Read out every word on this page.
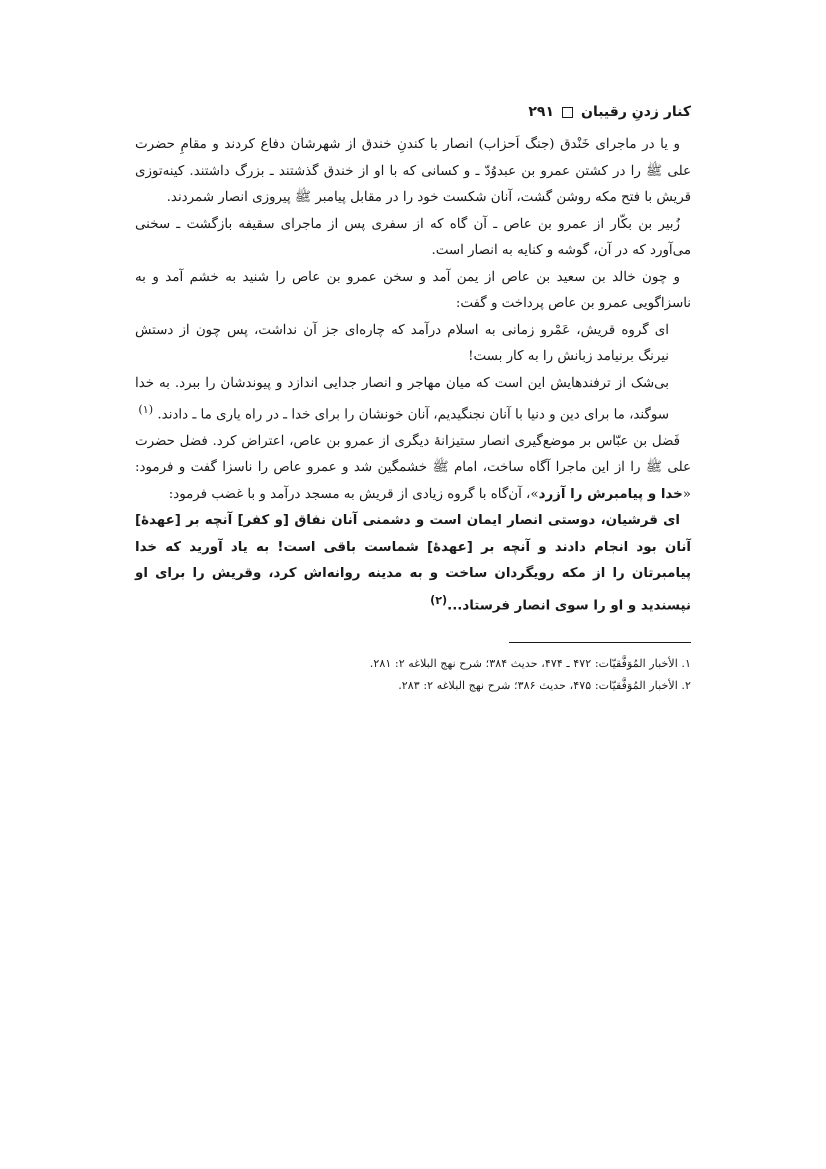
کنار زدنِ رقیبان
۲۹۱

و یا در ماجرای خَنْدق (جنگ اَحزاب) انصار با کندنِ خندق از شهرشان دفاع کردند و مقامِ حضرت علی ﷺ را در کشتن عمرو بن عبدوُدّ ـ و کسانی که با او از خندق گذشتند ـ بزرگ داشتند. کینه‌توزی قریش با فتح مکه روشن گشت، آنان شکست خود را در مقابل پیامبر ﷺ پیروزی انصار شمردند.

زُبیر بن بکّار از عمرو بن عاص ـ آن گاه که از سفری پس از ماجرای سقیفه بازگشت ـ سخنی می‌آورد که در آن، گوشه و کنایه به انصار است.

و چون خالد بن سعید بن عاص از یمن آمد و سخن عمرو بن عاص را شنید به خشم آمد و به ناسزاگویی عمرو بن عاص پرداخت و گفت:

ای گروه قریش، عَمْرو زمانی به اسلام درآمد که چاره‌ای جز آن نداشت، پس چون از دستش نیرنگ برنیامد زبانش را به کار بست!

بی‌شک از ترفندهایش این است که میان مهاجر و انصار جدایی اندازد و پیوندشان را ببرد. به خدا سوگند، ما برای دین و دنیا با آنان نجنگیدیم، آنان خونشان را برای خدا ـ در راه یاری ما ـ دادند. $^{(۱)}$

فَضل بن عبّاس بر موضع‌گیری انصار ستیزانهٔ دیگری از عمرو بن عاص، اعتراض کرد. فضل حضرت علی ﷺ را از این ماجرا آگاه ساخت، امام ﷺ خشمگین شد و عمرو عاص را ناسزا گفت و فرمود: «خدا و پیامبرش را آزرد»، آن‌گاه با گروه زیادی از قریش به مسجد درآمد و با غضب فرمود:

ای قرشیان، دوستی انصار ایمان است و دشمنی آنان نفاق [و کفر] آنچه بر [عهدهٔ] آنان بود انجام دادند و آنچه بر [عهدهٔ] شماست باقی است! به یاد آورید که خدا پیامبرتان را از مکه رویگردان ساخت و به مدینه روانه‌اش کرد، وقریش را برای او نپسندید و او را سوی انصار فرستاد...$^{(۲)}$

۱. الأخبار المُوَفَّقيّات: ۴۷۲ ـ ۴۷۴، حدیث ۳۸۴؛ شرح نهج البلاغه ۲: ۲۸۱.

۲. الأخبار المُوَفَّقيّات: ۴۷۵، حدیث ۳۸۶؛ شرح نهج البلاغه ۲: ۲۸۳.
